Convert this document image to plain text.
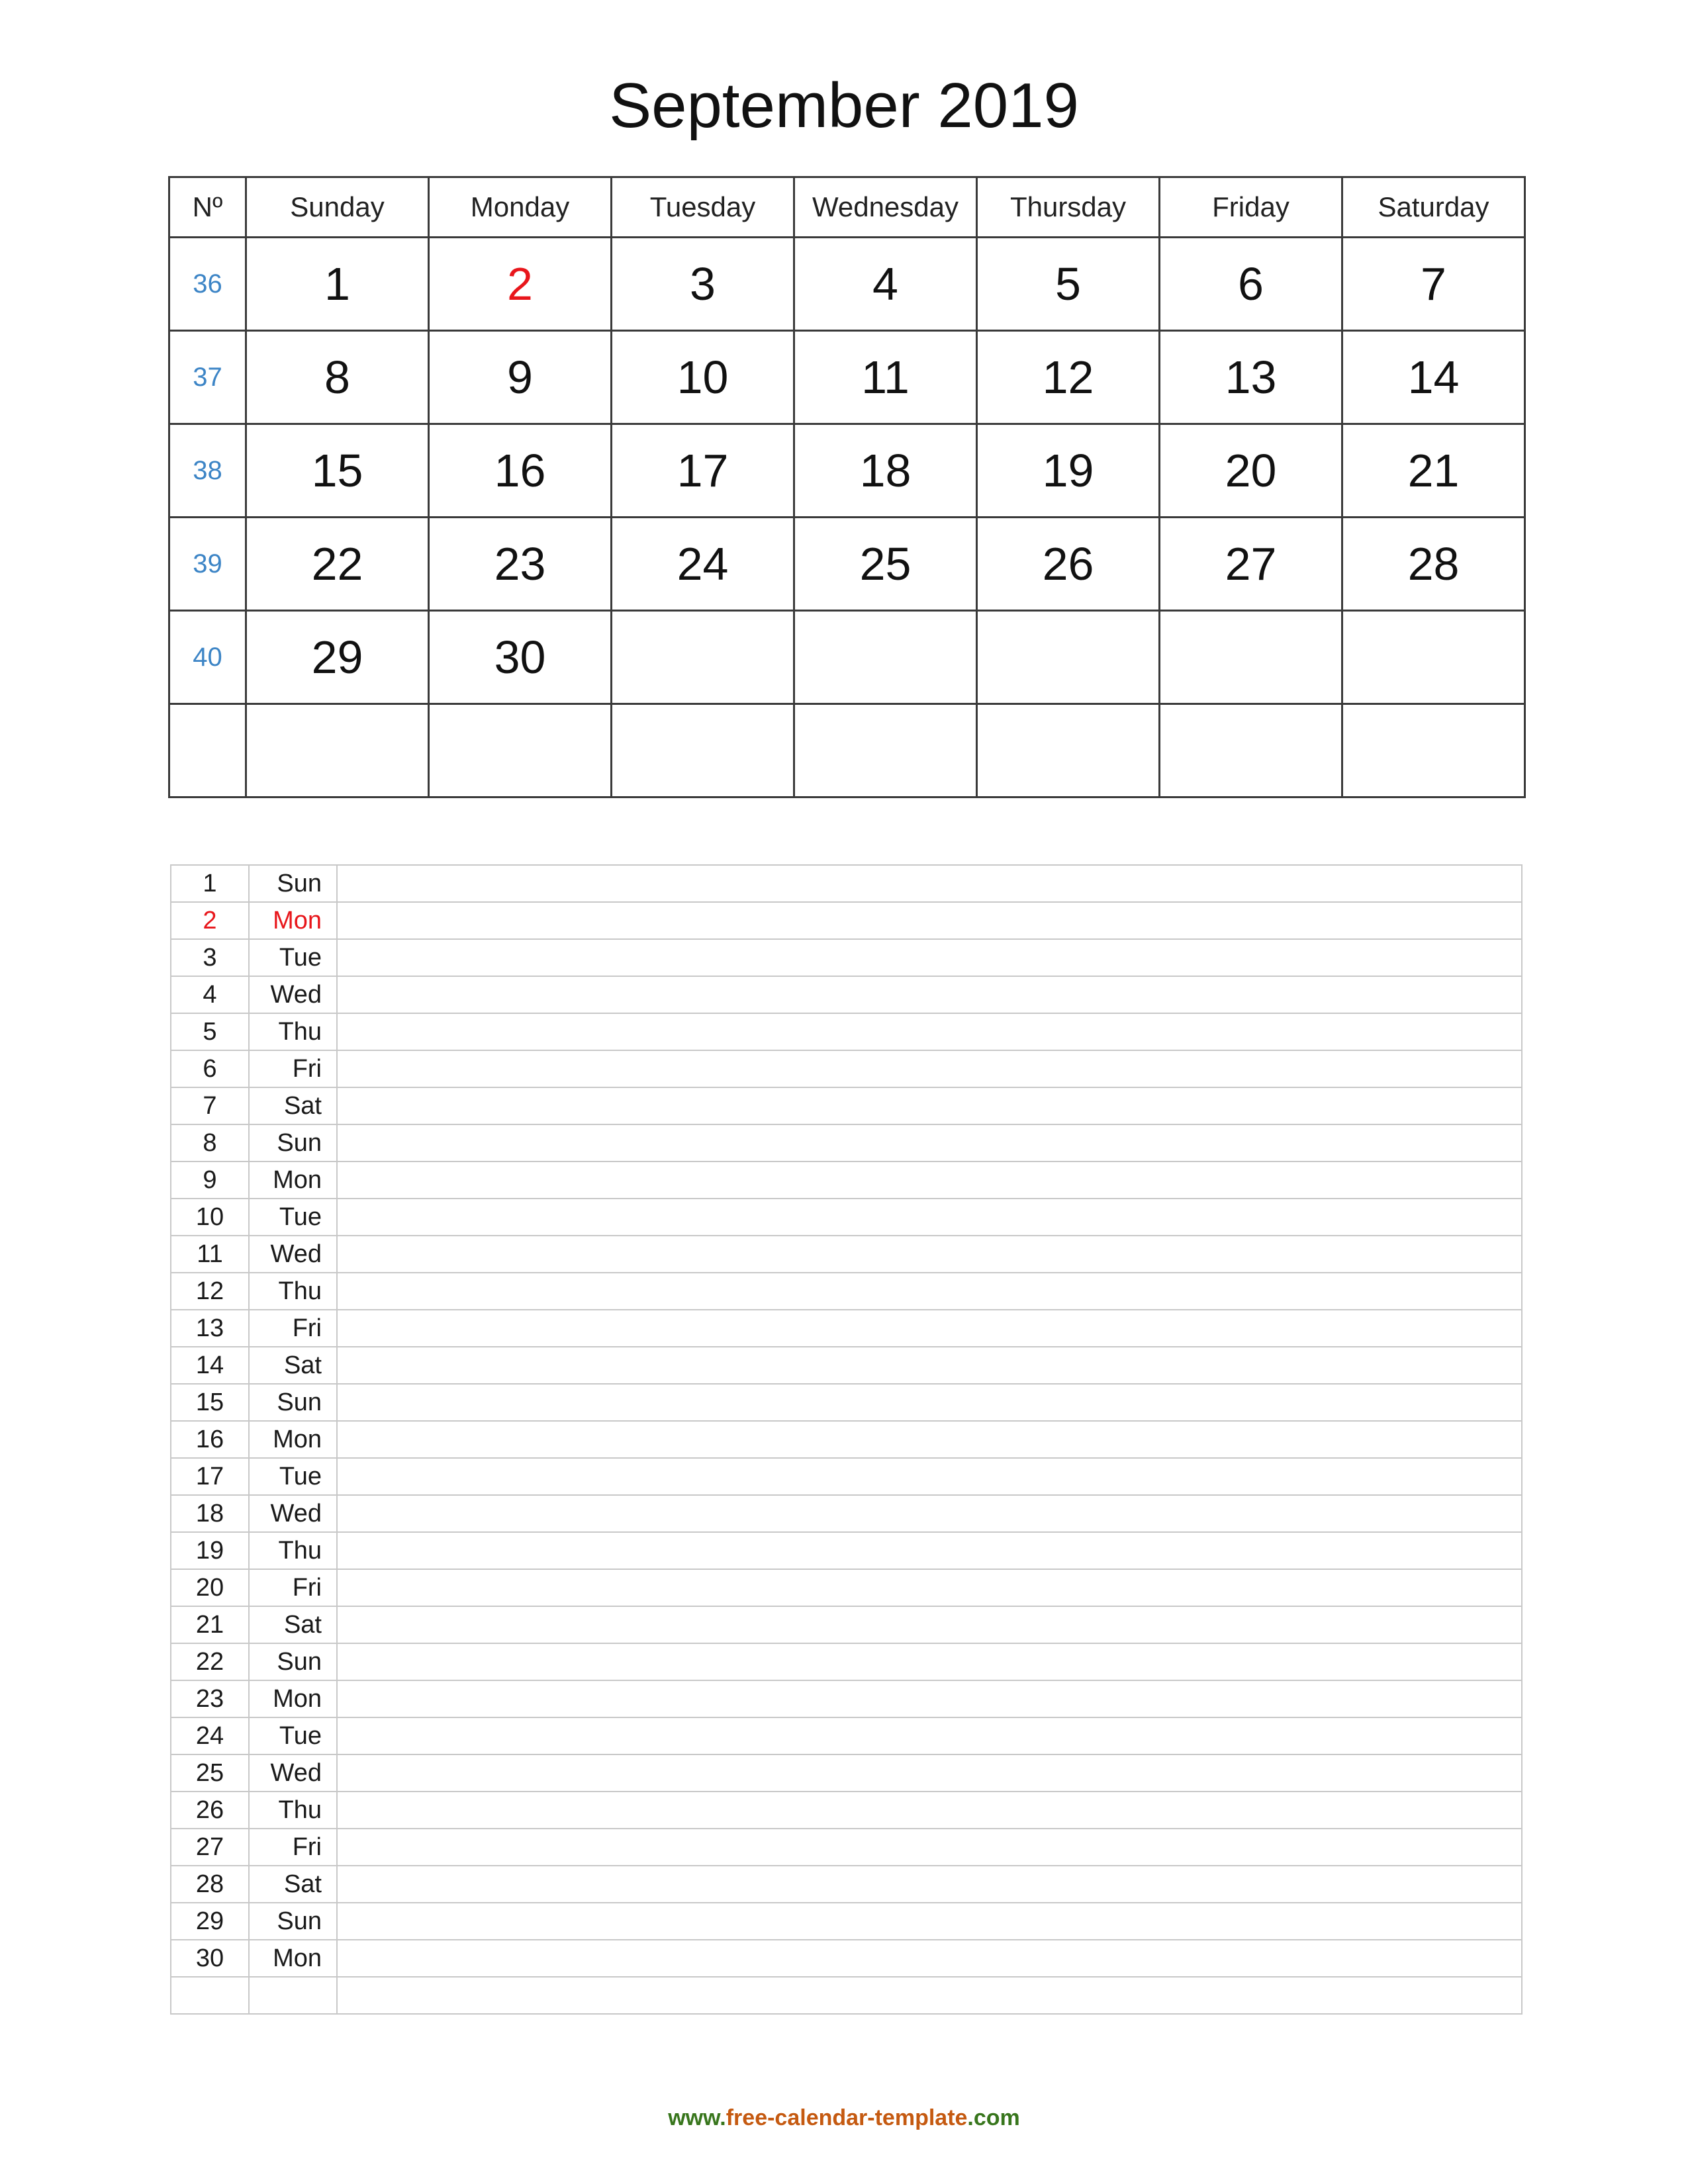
September 2019
Nº	Sunday	Monday	Tuesday	Wednesday	Thursday	Friday	Saturday
36	1	2	3	4	5	6	7
37	8	9	10	11	12	13	14
38	15	16	17	18	19	20	21
39	22	23	24	25	26	27	28
40	29	30					

1	Sun	
2	Mon	
3	Tue	
4	Wed	
5	Thu	
6	Fri	
7	Sat	
8	Sun	
9	Mon	
10	Tue	
11	Wed	
12	Thu	
13	Fri	
14	Sat	
15	Sun	
16	Mon	
17	Tue	
18	Wed	
19	Thu	
20	Fri	
21	Sat	
22	Sun	
23	Mon	
24	Tue	
25	Wed	
26	Thu	
27	Fri	
28	Sat	
29	Sun	
30	Mon	

www.free-calendar-template.com
